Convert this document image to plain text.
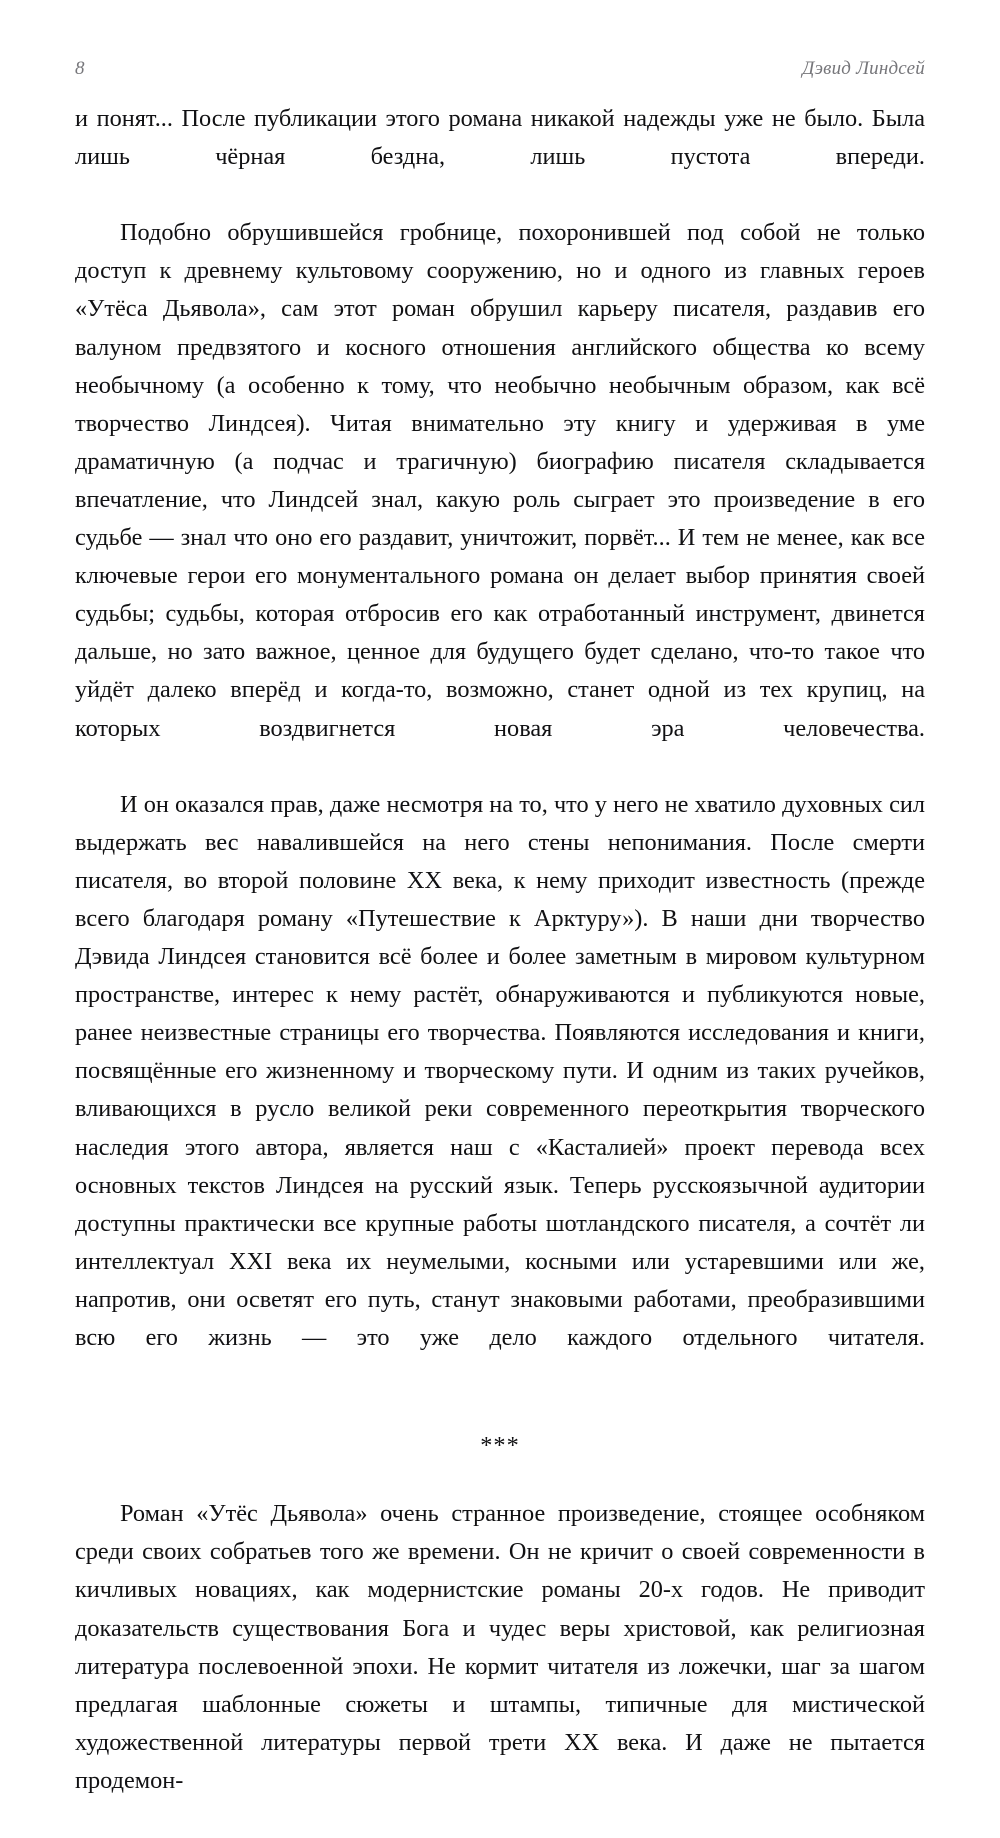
8	Дэвид Линдсей

и понят... После публикации этого романа никакой надежды уже не было. Была лишь чёрная бездна, лишь пустота впереди.

Подобно обрушившейся гробнице, похоронившей под собой не только доступ к древнему культовому сооружению, но и одного из главных героев «Утёса Дьявола», сам этот роман обрушил карьеру писателя, раздавив его валуном предвзятого и косного отношения английского общества ко всему необычному (а особенно к тому, что необычно необычным образом, как всё творчество Линдсея). Читая внимательно эту книгу и удерживая в уме драматичную (а подчас и трагичную) биографию писателя складывается впечатление, что Линдсей знал, какую роль сыграет это произведение в его судьбе — знал что оно его раздавит, уничтожит, порвёт... И тем не менее, как все ключевые герои его монументального романа он делает выбор принятия своей судьбы; судьбы, которая отбросив его как отработанный инструмент, двинется дальше, но зато важное, ценное для будущего будет сделано, что-то такое что уйдёт далеко вперёд и когда-то, возможно, станет одной из тех крупиц, на которых воздвигнется новая эра человечества.

И он оказался прав, даже несмотря на то, что у него не хватило духовных сил выдержать вес навалившейся на него стены непонимания. После смерти писателя, во второй половине XX века, к нему приходит известность (прежде всего благодаря роману «Путешествие к Арктуру»). В наши дни творчество Дэвида Линдсея становится всё более и более заметным в мировом культурном пространстве, интерес к нему растёт, обнаруживаются и публикуются новые, ранее неизвестные страницы его творчества. Появляются исследования и книги, посвящённые его жизненному и творческому пути. И одним из таких ручейков, вливающихся в русло великой реки современного переоткрытия творческого наследия этого автора, является наш с «Касталией» проект перевода всех основных текстов Линдсея на русский язык. Теперь русскоязычной аудитории доступны практически все крупные работы шотландского писателя, а сочтёт ли интеллектуал XXI века их неумелыми, косными или устаревшими или же, напротив, они осветят его путь, станут знаковыми работами, преобразившими всю его жизнь — это уже дело каждого отдельного читателя.

***

Роман «Утёс Дьявола» очень странное произведение, стоящее особняком среди своих собратьев того же времени. Он не кричит о своей современности в кичливых новациях, как модернистские романы 20-х годов. Не приводит доказательств существования Бога и чудес веры христовой, как религиозная литература послевоенной эпохи. Не кормит читателя из ложечки, шаг за шагом предлагая шаблонные сюжеты и штампы, типичные для мистической художественной литературы первой трети XX века. И даже не пытается продемон-
